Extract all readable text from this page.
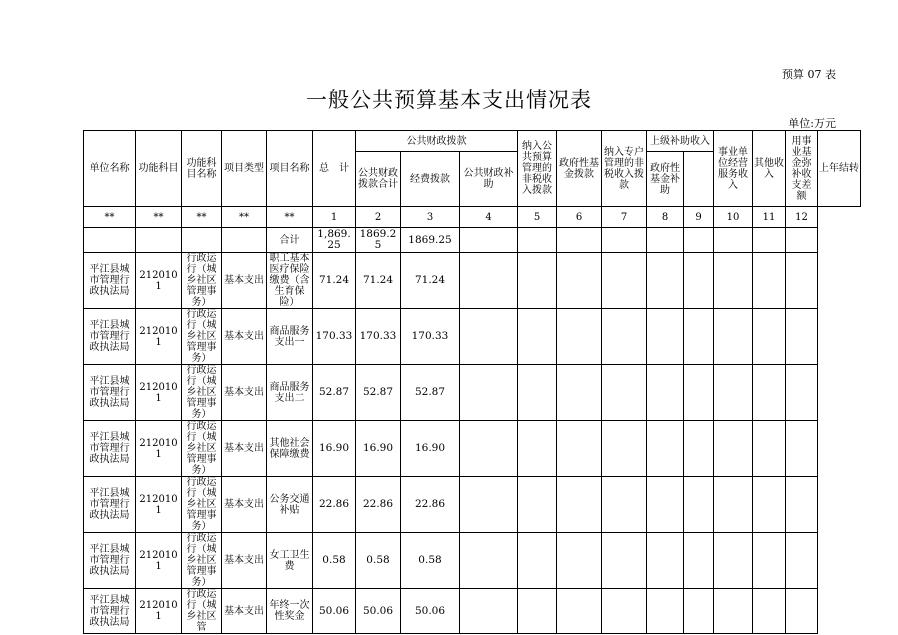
预算 07 表
一般公共预算基本支出情况表
单位:万元
单位名称	功能科目	功能科目名称	项目类型	项目名称	总　计	公共财政拨款			纳入公共预算管理的非税收入拨款	政府性基金拨款	纳入专户管理的非税收入拨款	上级补助收入		事业单位经营服务收入	其他收入	用事业基金弥补收支差额	上年结转
						公共财政拨款合计	经费拨款										
								公共财政补助				政府性基金补助					
**	**	**	**	**	1	2	3	4	5	6	7	8	9	10	11	12	
				合计	1,869.25	1869.25	1869.25										
平江县城市管理行政执法局	2120101	行政运行（城乡社区管理事务）	基本支出	职工基本医疗保险缴费（含生育保险）	71.24	71.24	71.24										
平江县城市管理行政执法局	2120101	行政运行（城乡社区管理事务）	基本支出	商品服务支出一	170.33	170.33	170.33										
平江县城市管理行政执法局	2120101	行政运行（城乡社区管理事务）	基本支出	商品服务支出二	52.87	52.87	52.87										
平江县城市管理行政执法局	2120101	行政运行（城乡社区管理事务）	基本支出	其他社会保障缴费	16.90	16.90	16.90										
平江县城市管理行政执法局	2120101	行政运行（城乡社区管理事务）	基本支出	公务交通补贴	22.86	22.86	22.86										
平江县城市管理行政执法局	2120101	行政运行（城乡社区管理事务）	基本支出	女工卫生费	0.58	0.58	0.58										
平江县城市管理行政执法局	2120101	行政运行（城乡社区管	基本支出	年终一次性奖金	50.06	50.06	50.06										
